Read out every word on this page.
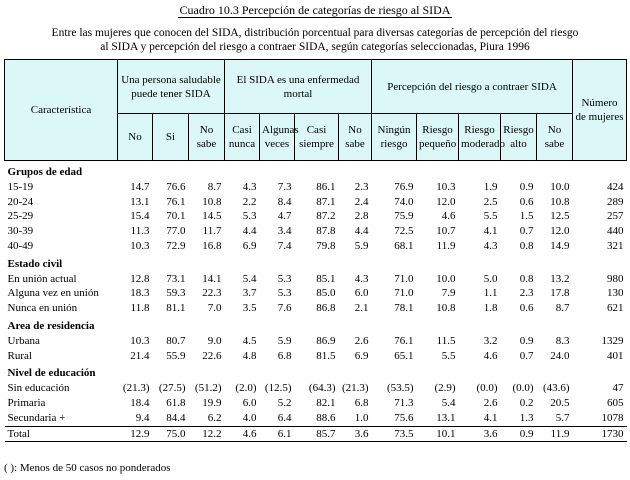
Cuadro 10.3 Percepción de categorías de riesgo al SIDA
Entre las mujeres que conocen del SIDA, distribución porcentual para diversas categorías de percepción del riesgo
al SIDA y percepción del riesgo a contraer SIDA, según categorías seleccionadas, Piura 1996
Característica	Una persona saludable puede tener SIDA			El SIDA es una enfermedad mortal				Percepción del riesgo a contraer SIDA					Número de mujeres
	No	Si	No sabe	Casi nunca	Algunas veces	Casi siempre	No sabe	Ningún riesgo	Riesgo pequeño	Riesgo moderado	Riesgo alto	No sabe	
Grupos de edad													
15-19	14.7	76.6	8.7	4.3	7.3	86.1	2.3	76.9	10.3	1.9	0.9	10.0	424
20-24	13.1	76.1	10.8	2.2	8.4	87.1	2.4	74.0	12.0	2.5	0.6	10.8	289
25-29	15.4	70.1	14.5	5.3	4.7	87.2	2.8	75.9	4.6	5.5	1.5	12.5	257
30-39	11.3	77.0	11.7	4.4	3.4	87.8	4.4	72.5	10.7	4.1	0.7	12.0	440
40-49	10.3	72.9	16.8	6.9	7.4	79.8	5.9	68.1	11.9	4.3	0.8	14.9	321
Estado civil													
En unión actual	12.8	73.1	14.1	5.4	5.3	85.1	4.3	71.0	10.0	5.0	0.8	13.2	980
Alguna vez en unión	18.3	59.3	22.3	3.7	5.3	85.0	6.0	71.0	7.9	1.1	2.3	17.8	130
Nunca en unión	11.8	81.1	7.0	3.5	7.6	86.8	2.1	78.1	10.8	1.8	0.6	8.7	621
Area de residencia													
Urbana	10.3	80.7	9.0	4.5	5.9	86.9	2.6	76.1	11.5	3.2	0.9	8.3	1329
Rural	21.4	55.9	22.6	4.8	6.8	81.5	6.9	65.1	5.5	4.6	0.7	24.0	401
Nivel de educación													
Sin educación	(21.3)	(27.5)	(51.2)	(2.0)	(12.5)	(64.3)	(21.3)	(53.5)	(2.9)	(0.0)	(0.0)	(43.6)	47
Primaria	18.4	61.8	19.9	6.0	5.2	82.1	6.8	71.3	5.4	2.6	0.2	20.5	605
Secundaria +	9.4	84.4	6.2	4.0	6.4	88.6	1.0	75.6	13.1	4.1	1.3	5.7	1078
Total	12.9	75.0	12.2	4.6	6.1	85.7	3.6	73.5	10.1	3.6	0.9	11.9	1730
( ): Menos de 50 casos no ponderados
